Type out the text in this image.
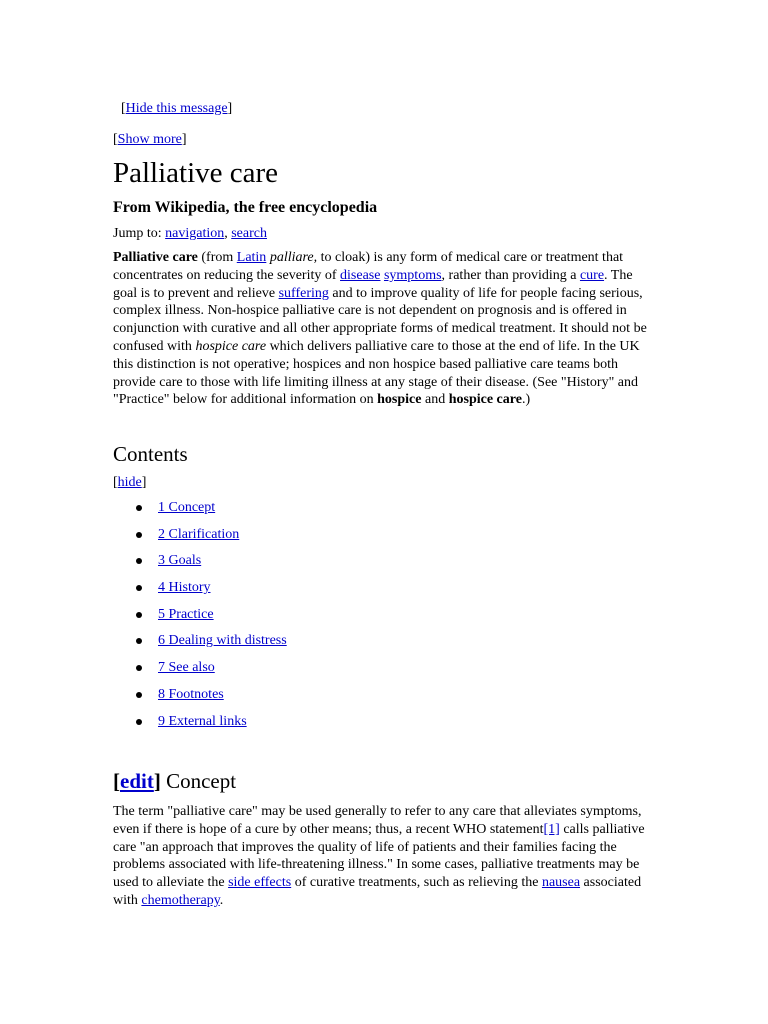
[Hide this message]
[Show more]
Palliative care
From Wikipedia, the free encyclopedia
Jump to: navigation, search

Palliative care (from Latin palliare, to cloak) is any form of medical care or treatment that concentrates on reducing the severity of disease symptoms, rather than providing a cure. The goal is to prevent and relieve suffering and to improve quality of life for people facing serious, complex illness. Non-hospice palliative care is not dependent on prognosis and is offered in conjunction with curative and all other appropriate forms of medical treatment. It should not be confused with hospice care which delivers palliative care to those at the end of life. In the UK this distinction is not operative; hospices and non hospice based palliative care teams both provide care to those with life limiting illness at any stage of their disease. (See "History" and "Practice" below for additional information on hospice and hospice care.)

Contents
[hide]
1 Concept
2 Clarification
3 Goals
4 History
5 Practice
6 Dealing with distress
7 See also
8 Footnotes
9 External links
[edit] Concept

The term "palliative care" may be used generally to refer to any care that alleviates symptoms, even if there is hope of a cure by other means; thus, a recent WHO statement[1] calls palliative care "an approach that improves the quality of life of patients and their families facing the problems associated with life-threatening illness." In some cases, palliative treatments may be used to alleviate the side effects of curative treatments, such as relieving the nausea associated with chemotherapy.
